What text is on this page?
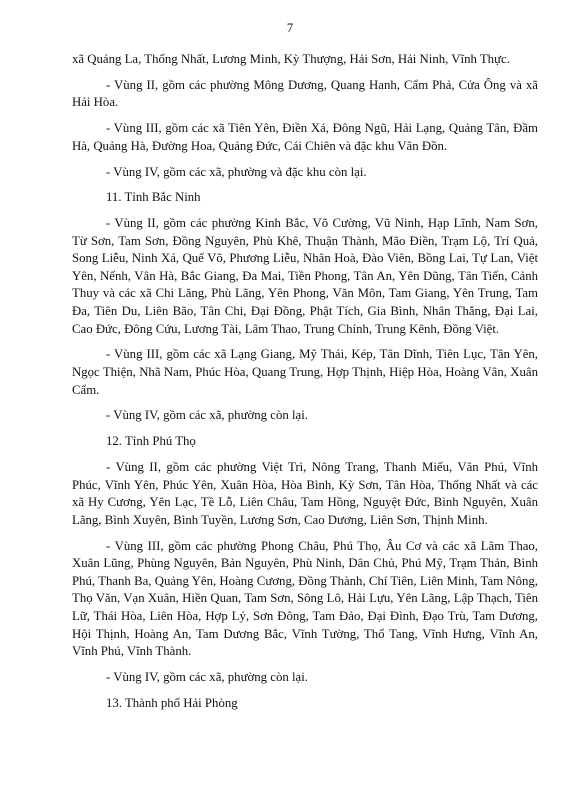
7

xã Quảng La, Thống Nhất, Lương Minh, Kỳ Thượng, Hải Sơn, Hải Ninh, Vĩnh Thực.

- Vùng II, gồm các phường Mông Dương, Quang Hanh, Cẩm Phả, Cửa Ông và xã Hải Hòa.

- Vùng III, gồm các xã Tiên Yên, Điền Xá, Đông Ngũ, Hải Lạng, Quảng Tân, Đầm Hà, Quảng Hà, Đường Hoa, Quảng Đức, Cái Chiên và đặc khu Vân Đồn.

- Vùng IV, gồm các xã, phường và đặc khu còn lại.

11. Tỉnh Bắc Ninh

- Vùng II, gồm các phường Kinh Bắc, Võ Cường, Vũ Ninh, Hạp Lĩnh, Nam Sơn, Từ Sơn, Tam Sơn, Đồng Nguyên, Phù Khê, Thuận Thành, Mão Điền, Trạm Lộ, Trí Quả, Song Liễu, Ninh Xá, Quế Võ, Phương Liễu, Nhân Hoà, Đào Viên, Bồng Lai, Tự Lan, Việt Yên, Nếnh, Vân Hà, Bắc Giang, Đa Mai, Tiền Phong, Tân An, Yên Dũng, Tân Tiến, Cảnh Thuy và các xã Chi Lăng, Phù Lãng, Yên Phong, Văn Môn, Tam Giang, Yên Trung, Tam Đa, Tiên Du, Liên Bão, Tân Chi, Đại Đồng, Phật Tích, Gia Bình, Nhân Thắng, Đại Lai, Cao Đức, Đông Cứu, Lương Tài, Lâm Thao, Trung Chính, Trung Kênh, Đồng Việt.

- Vùng III, gồm các xã Lạng Giang, Mỹ Thái, Kép, Tân Dĩnh, Tiên Lục, Tân Yên, Ngọc Thiện, Nhã Nam, Phúc Hòa, Quang Trung, Hợp Thịnh, Hiệp Hòa, Hoàng Vân, Xuân Cẩm.

- Vùng IV, gồm các xã, phường còn lại.

12. Tỉnh Phú Thọ

- Vùng II, gồm các phường Việt Trì, Nông Trang, Thanh Miếu, Vân Phú, Vĩnh Phúc, Vĩnh Yên, Phúc Yên, Xuân Hòa, Hòa Bình, Kỳ Sơn, Tân Hòa, Thống Nhất và các xã Hy Cương, Yên Lạc, Tề Lỗ, Liên Châu, Tam Hồng, Nguyệt Đức, Bình Nguyên, Xuân Lãng, Bình Xuyên, Bình Tuyền, Lương Sơn, Cao Dương, Liên Sơn, Thịnh Minh.

- Vùng III, gồm các phường Phong Châu, Phú Thọ, Âu Cơ và các xã Lâm Thao, Xuân Lũng, Phùng Nguyên, Bản Nguyên, Phù Ninh, Dân Chủ, Phú Mỹ, Trạm Thản, Bình Phú, Thanh Ba, Quảng Yên, Hoàng Cương, Đồng Thành, Chí Tiên, Liên Minh, Tam Nông, Thọ Văn, Vạn Xuân, Hiền Quan, Tam Sơn, Sông Lô, Hải Lựu, Yên Lãng, Lập Thạch, Tiên Lữ, Thái Hòa, Liên Hòa, Hợp Lý, Sơn Đông, Tam Đảo, Đại Đình, Đạo Trù, Tam Dương, Hội Thịnh, Hoàng An, Tam Dương Bắc, Vĩnh Tường, Thổ Tang, Vĩnh Hưng, Vĩnh An, Vĩnh Phú, Vĩnh Thành.

- Vùng IV, gồm các xã, phường còn lại.

13. Thành phố Hải Phòng
